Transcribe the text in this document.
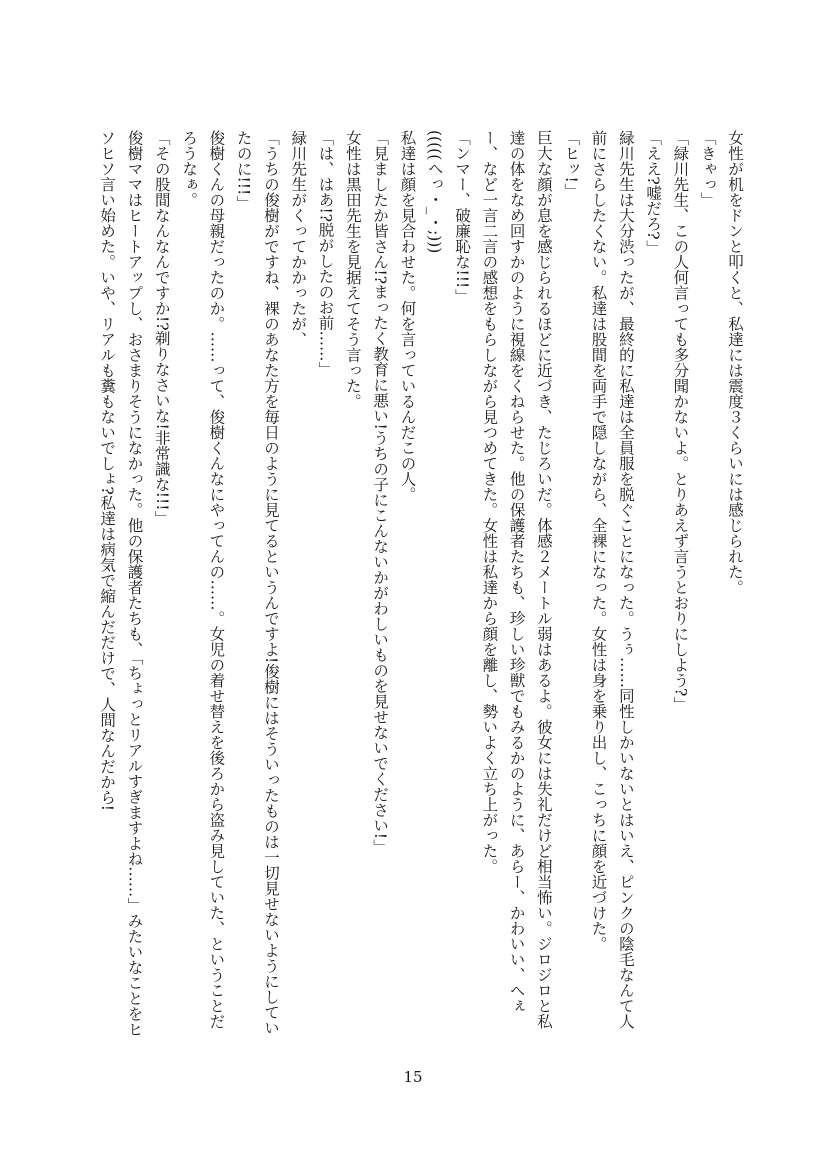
女性が机をドンと叩くと、私達には震度３くらいには感じられた。

「きゃっ」

「緑川先生、この人何言っても多分聞かないよ。とりあえず言うとおりにしよう?」

「ええ?嘘だろ?」

緑川先生は大分渋ったが、最終的に私達は全員服を脱ぐことになった。うぅ……同性しかいないとはいえ、ピンクの陰毛なんて人前にさらしたくない。私達は股間を両手で隠しながら、全裸になった。女性は身を乗り出し、こっちに顔を近づけた。

「ヒッ!」

巨大な顔が息を感じられるほどに近づき、たじろいだ。体感２メートル弱はあるよ。彼女には失礼だけど相当怖い。ジロジロと私達の体をなめ回すかのように視線をくねらせた。他の保護者たちも、珍しい珍獣でもみるかのように、あらー、かわいい、へぇー、など一言二言の感想をもらしながら見つめてきた。女性は私達から顔を離し、勢いよく立ち上がった。

「ンマー、破廉恥な!!!」

(((((へっ・_・;)))

私達は顔を見合わせた。何を言っているんだこの人。

「見ましたか皆さん!?まったく教育に悪い!うちの子にこんないかがわしいものを見せないでください!」

女性は黒田先生を見据えてそう言った。

「は、はあ!?脱がしたのお前……」

緑川先生がくってかかったが、

「うちの俊樹がですね、裸のあなた方を毎日のように見てるというんですよ!俊樹にはそういったものは一切見せないようにしていたのに!!!」

俊樹くんの母親だったのか。……って、俊樹くんなにやってんの……。女児の着せ替えを後ろから盗み見していた、ということだろうなぁ。

「その股間なんなんですか!?剃りなさいな!非常識な!!!」

俊樹ママはヒートアップし、おさまりそうになかった。他の保護者たちも、「ちょっとリアルすぎますよね……」みたいなことをヒソヒソ言い始めた。いや、リアルも糞もないでしょ?私達は病気で縮んだだけで、人間なんだから!

15
